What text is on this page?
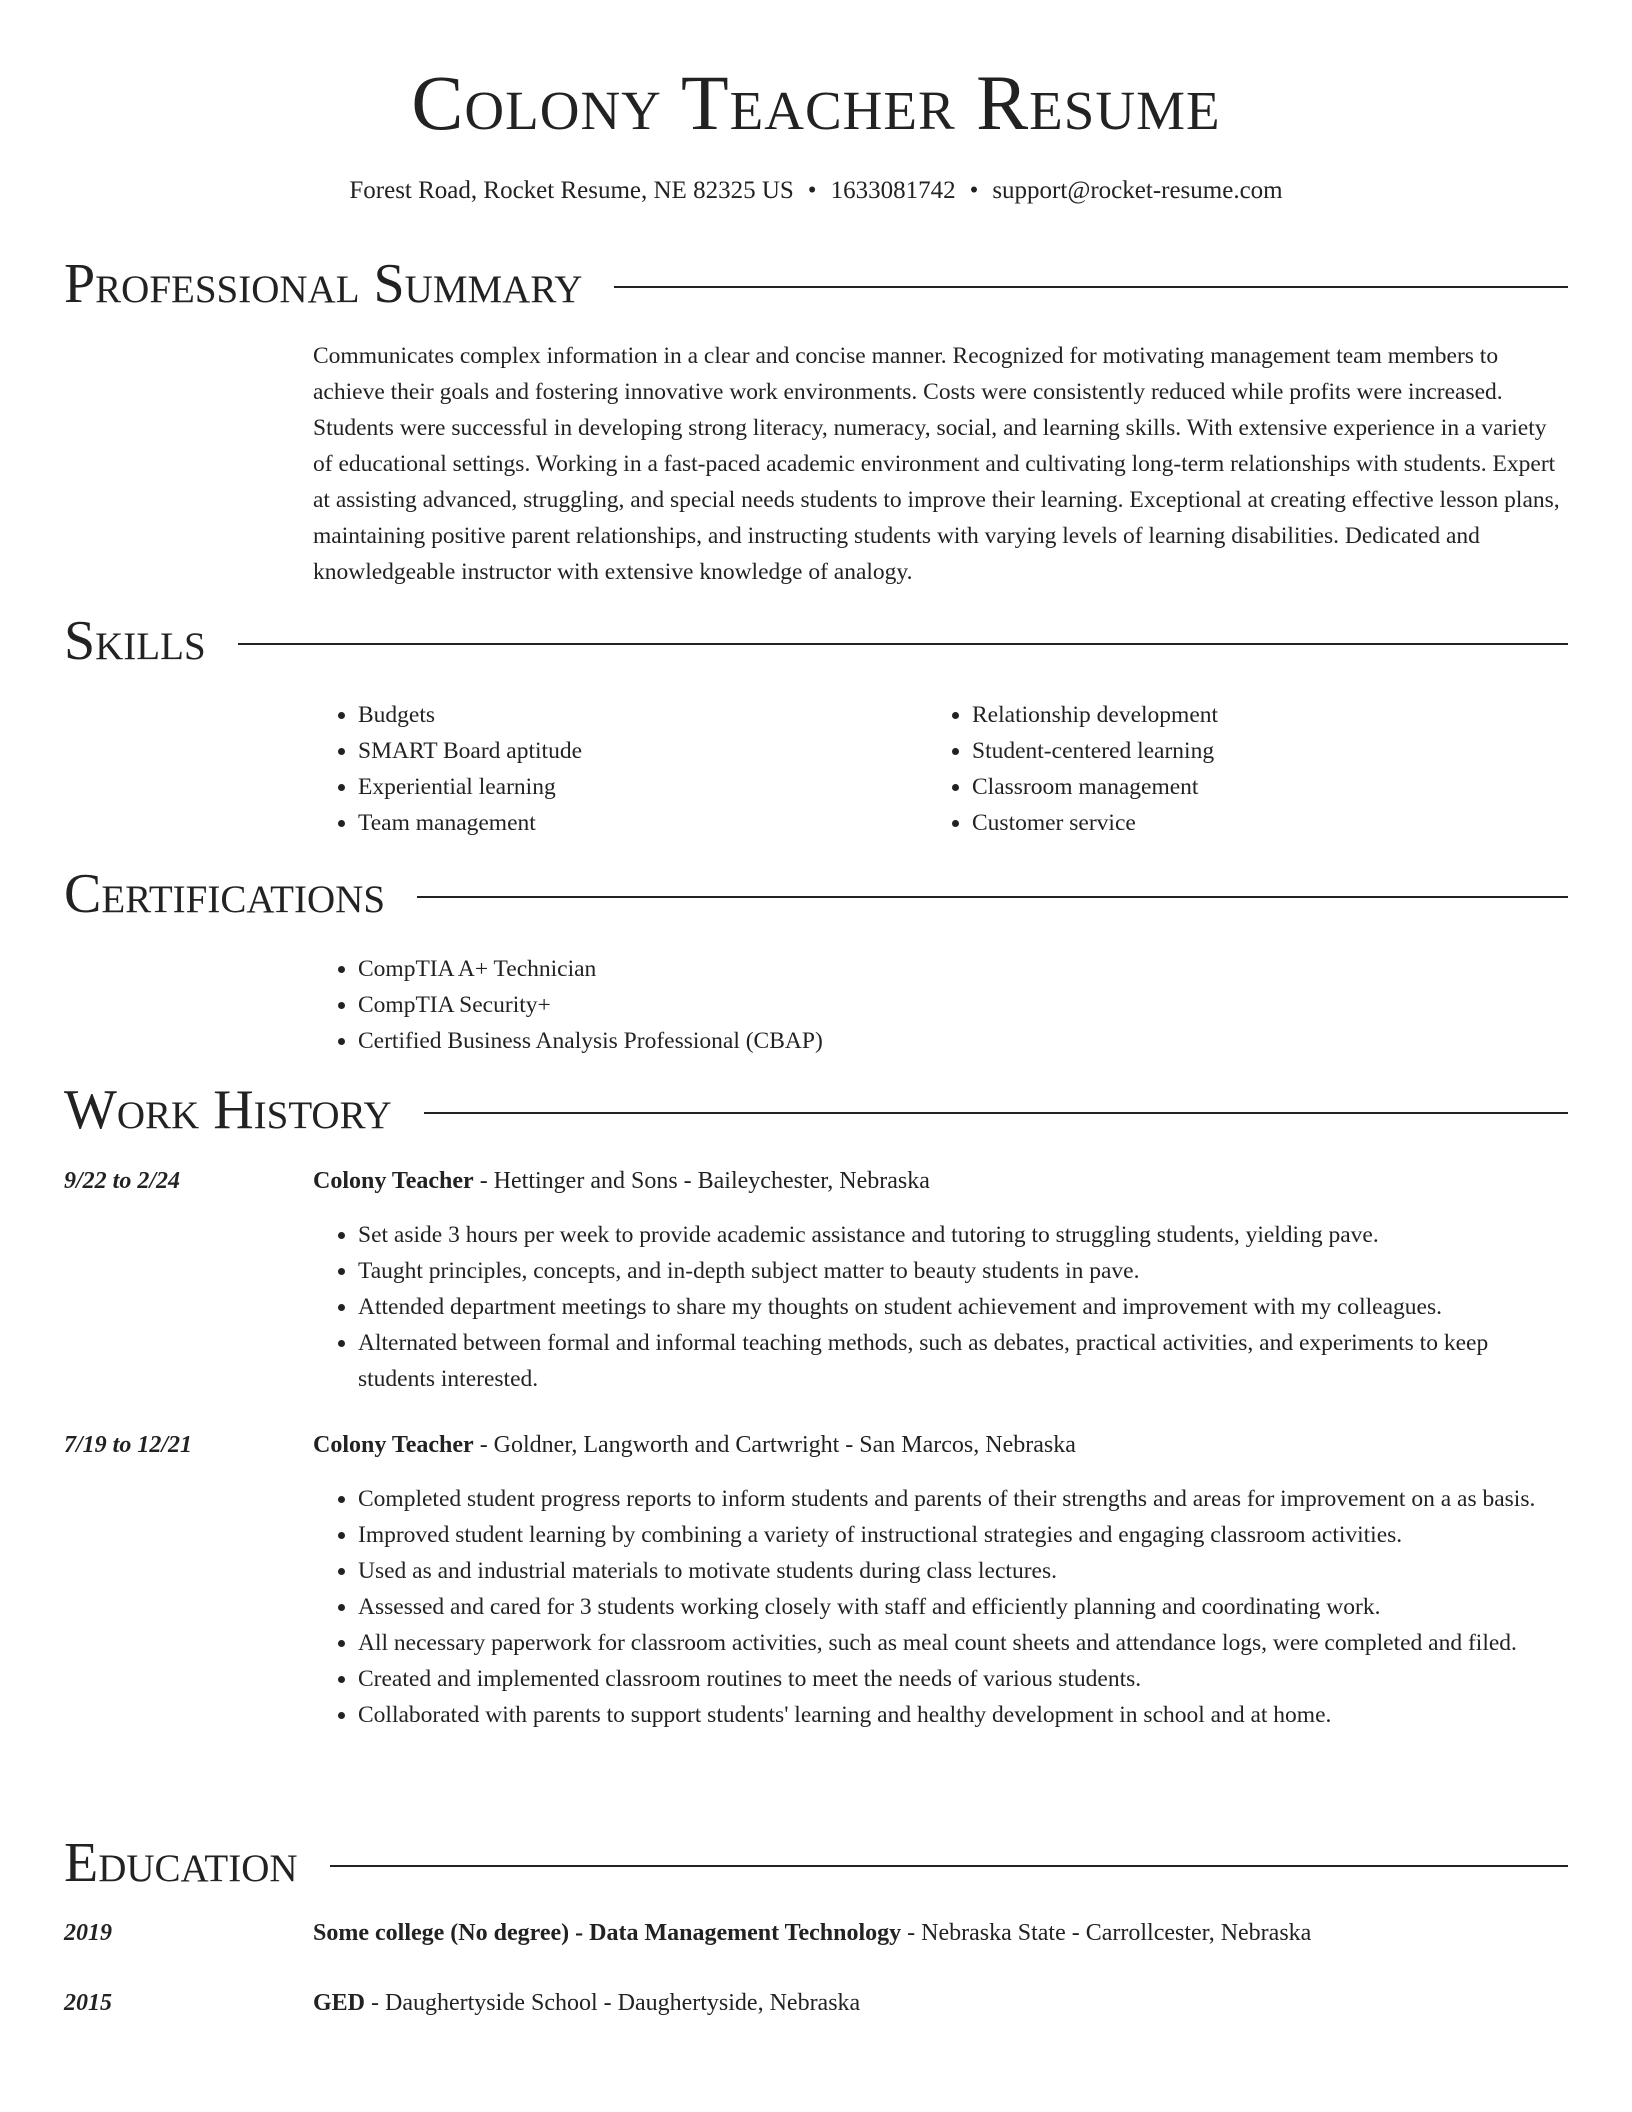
Colony Teacher Resume
Forest Road, Rocket Resume, NE 82325 US • 1633081742 • support@rocket-resume.com
Professional Summary
Communicates complex information in a clear and concise manner. Recognized for motivating management team members to achieve their goals and fostering innovative work environments. Costs were consistently reduced while profits were increased. Students were successful in developing strong literacy, numeracy, social, and learning skills. With extensive experience in a variety of educational settings. Working in a fast-paced academic environment and cultivating long-term relationships with students. Expert at assisting advanced, struggling, and special needs students to improve their learning. Exceptional at creating effective lesson plans, maintaining positive parent relationships, and instructing students with varying levels of learning disabilities. Dedicated and knowledgeable instructor with extensive knowledge of analogy.
Skills
• Budgets
• SMART Board aptitude
• Experiential learning
• Team management
• Relationship development
• Student-centered learning
• Classroom management
• Customer service
Certifications
• CompTIA A+ Technician
• CompTIA Security+
• Certified Business Analysis Professional (CBAP)
Work History
9/22 to 2/24	Colony Teacher - Hettinger and Sons - Baileychester, Nebraska
• Set aside 3 hours per week to provide academic assistance and tutoring to struggling students, yielding pave.
• Taught principles, concepts, and in-depth subject matter to beauty students in pave.
• Attended department meetings to share my thoughts on student achievement and improvement with my colleagues.
• Alternated between formal and informal teaching methods, such as debates, practical activities, and experiments to keep students interested.
7/19 to 12/21	Colony Teacher - Goldner, Langworth and Cartwright - San Marcos, Nebraska
• Completed student progress reports to inform students and parents of their strengths and areas for improvement on a as basis.
• Improved student learning by combining a variety of instructional strategies and engaging classroom activities.
• Used as and industrial materials to motivate students during class lectures.
• Assessed and cared for 3 students working closely with staff and efficiently planning and coordinating work.
• All necessary paperwork for classroom activities, such as meal count sheets and attendance logs, were completed and filed.
• Created and implemented classroom routines to meet the needs of various students.
• Collaborated with parents to support students' learning and healthy development in school and at home.
Education
2019	Some college (No degree) - Data Management Technology - Nebraska State - Carrollcester, Nebraska
2015	GED - Daughertyside School - Daughertyside, Nebraska
